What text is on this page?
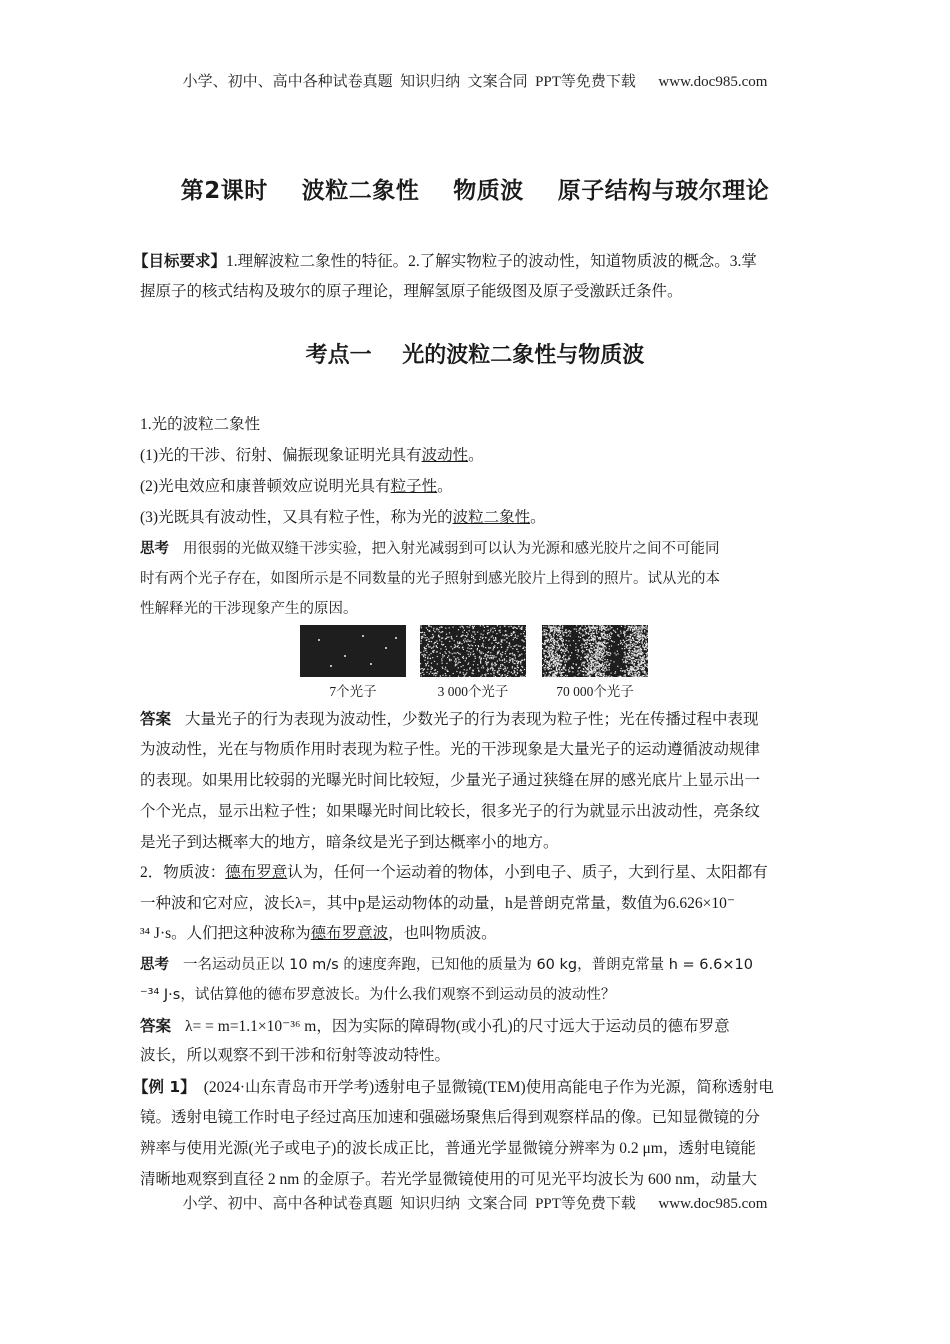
小学、初中、高中各种试卷真题  知识归纳  文案合同  PPT等免费下载      www.doc985.com
第2课时    波粒二象性    物质波    原子结构与玻尔理论
【目标要求】1.理解波粒二象性的特征。2.了解实物粒子的波动性，知道物质波的概念。3.掌
握原子的核式结构及玻尔的原子理论，理解氢原子能级图及原子受激跃迁条件。
考点一    光的波粒二象性与物质波
1.光的波粒二象性
(1)光的干涉、衍射、偏振现象证明光具有波动性。
(2)光电效应和康普顿效应说明光具有粒子性。
(3)光既具有波动性，又具有粒子性，称为光的波粒二象性。
思考 用很弱的光做双缝干涉实验，把入射光减弱到可以认为光源和感光胶片之间不可能同
时有两个光子存在，如图所示是不同数量的光子照射到感光胶片上得到的照片。试从光的本
性解释光的干涉现象产生的原因。
7个光子	3 000个光子	70 000个光子
答案 大量光子的行为表现为波动性，少数光子的行为表现为粒子性；光在传播过程中表现
为波动性，光在与物质作用时表现为粒子性。光的干涉现象是大量光子的运动遵循波动规律
的表现。如果用比较弱的光曝光时间比较短，少量光子通过狭缝在屏的感光底片上显示出一
个个光点，显示出粒子性；如果曝光时间比较长，很多光子的行为就显示出波动性，亮条纹
是光子到达概率大的地方，暗条纹是光子到达概率小的地方。
2．物质波：德布罗意认为，任何一个运动着的物体，小到电子、质子，大到行星、太阳都有
一种波和它对应，波长λ=，其中p是运动物体的动量，h是普朗克常量，数值为6.626×10⁻
³⁴ J·s。人们把这种波称为德布罗意波，也叫物质波。
思考 一名运动员正以 10 m/s 的速度奔跑，已知他的质量为 60 kg，普朗克常量 h = 6.6×10
⁻³⁴ J·s，试估算他的德布罗意波长。为什么我们观察不到运动员的波动性？
答案 λ= = m=1.1×10⁻³⁶ m，因为实际的障碍物(或小孔)的尺寸远大于运动员的德布罗意
波长，所以观察不到干涉和衍射等波动特性。
【例 1】 (2024·山东青岛市开学考)透射电子显微镜(TEM)使用高能电子作为光源，简称透射电
镜。透射电镜工作时电子经过高压加速和强磁场聚焦后得到观察样品的像。已知显微镜的分
辨率与使用光源(光子或电子)的波长成正比，普通光学显微镜分辨率为 0.2 μm，透射电镜能
清晰地观察到直径 2 nm 的金原子。若光学显微镜使用的可见光平均波长为 600 nm，动量大
小学、初中、高中各种试卷真题  知识归纳  文案合同  PPT等免费下载      www.doc985.com
